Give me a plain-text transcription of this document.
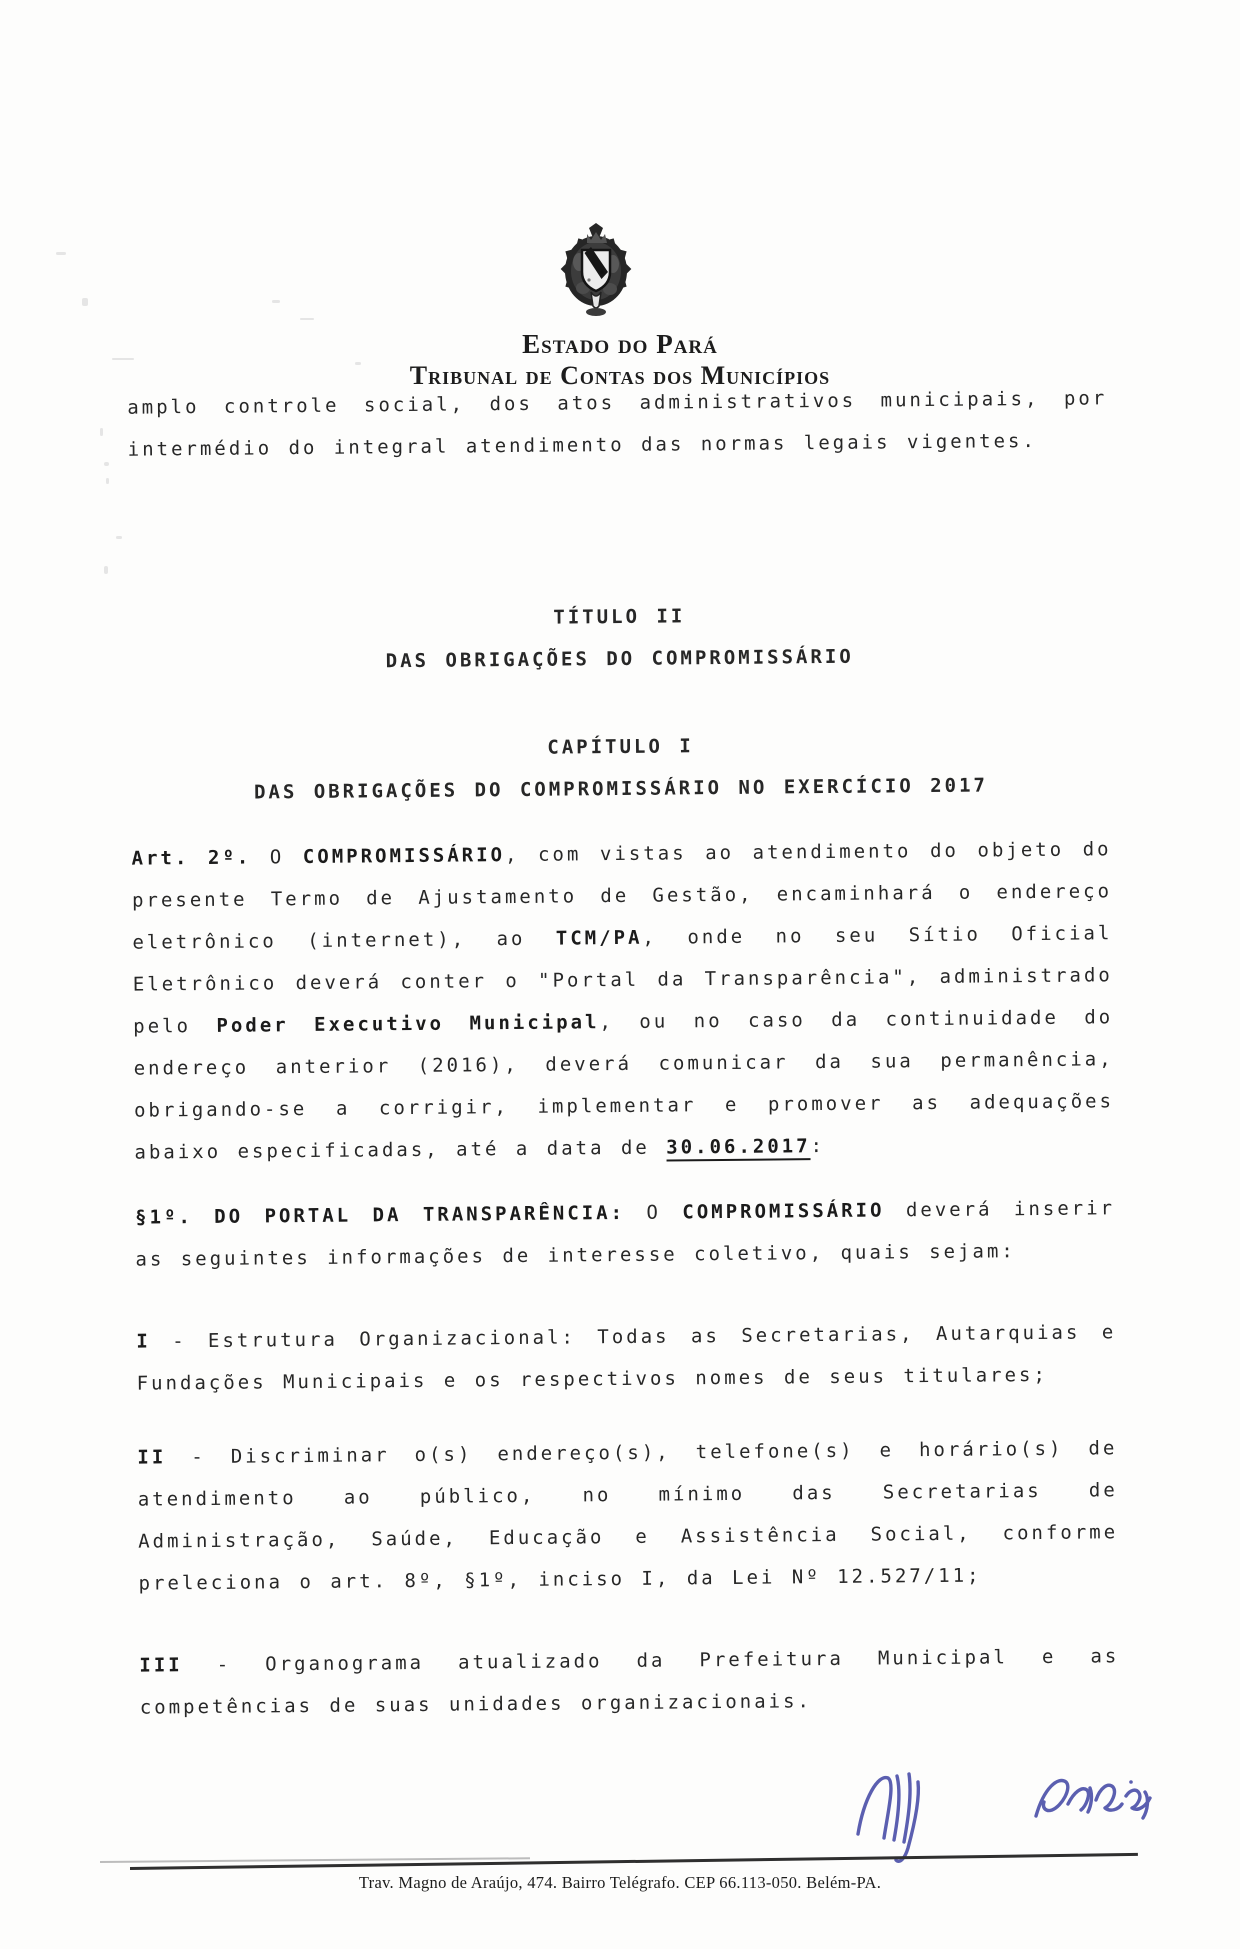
Estado do Pará
Tribunal de Contas dos Municípios

amplo controle social, dos atos administrativos municipais, por intermédio do integral atendimento das normas legais vigentes.

TÍTULO II
DAS OBRIGAÇÕES DO COMPROMISSÁRIO

CAPÍTULO I
DAS OBRIGAÇÕES DO COMPROMISSÁRIO NO EXERCÍCIO 2017

Art. 2º. O COMPROMISSÁRIO, com vistas ao atendimento do objeto do presente Termo de Ajustamento de Gestão, encaminhará o endereço eletrônico (internet), ao TCM/PA, onde no seu Sítio Oficial Eletrônico deverá conter o "Portal da Transparência", administrado pelo Poder Executivo Municipal, ou no caso da continuidade do endereço anterior (2016), deverá comunicar da sua permanência, obrigando-se a corrigir, implementar e promover as adequações abaixo especificadas, até a data de 30.06.2017:

§1º. DO PORTAL DA TRANSPARÊNCIA: O COMPROMISSÁRIO deverá inserir as seguintes informações de interesse coletivo, quais sejam:

I - Estrutura Organizacional: Todas as Secretarias, Autarquias e Fundações Municipais e os respectivos nomes de seus titulares;

II - Discriminar o(s) endereço(s), telefone(s) e horário(s) de atendimento ao público, no mínimo das Secretarias de Administração, Saúde, Educação e Assistência Social, conforme preleciona o art. 8º, §1º, inciso I, da Lei Nº 12.527/11;

III - Organograma atualizado da Prefeitura Municipal e as competências de suas unidades organizacionais.

Trav. Magno de Araújo, 474. Bairro Telégrafo. CEP 66.113-050. Belém-PA.
